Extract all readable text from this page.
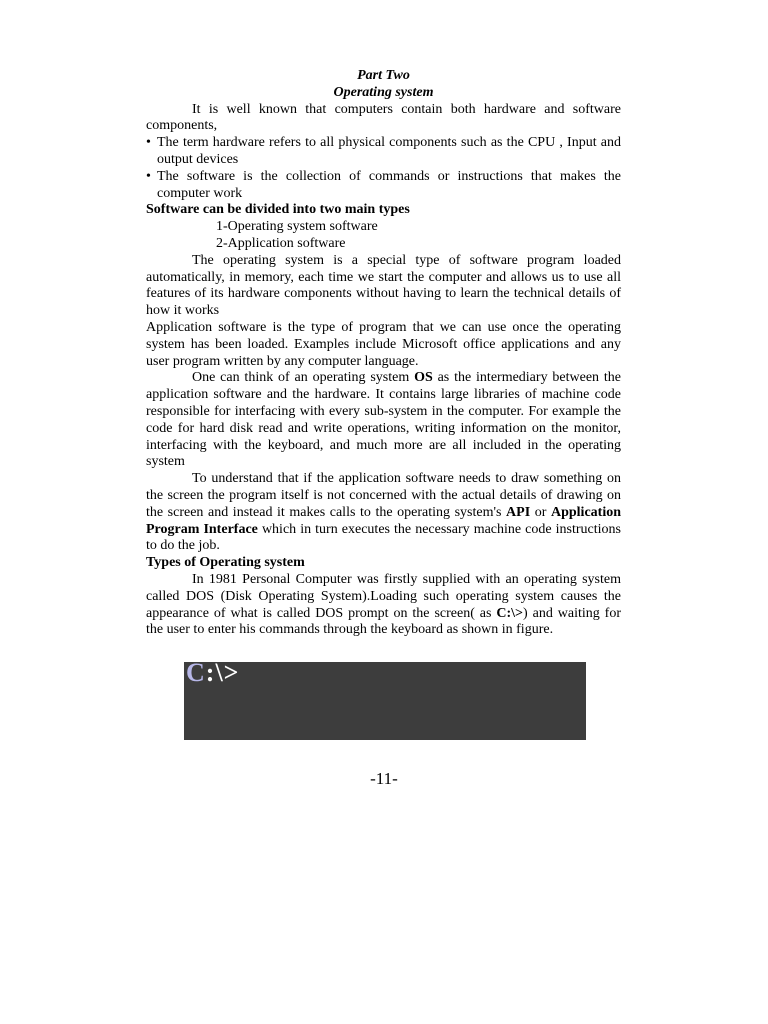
Part Two

Operating system

It is well known that computers contain both hardware and software components,

• The term hardware refers to all physical components such as the CPU , Input and output devices
• The software is the collection of commands or instructions that makes the computer work

Software can be divided into two main types

1-Operating system software
2-Application software

The operating system is a special type of software program loaded automatically, in memory, each time we start the computer and allows us to use all features of its hardware components without having to learn the technical details of how it works

Application software is the type of program that we can use once the operating system has been loaded. Examples include Microsoft office applications and any user program written by any computer language.

One can think of an operating system OS as the intermediary between the application software and the hardware. It contains large libraries of machine code responsible for interfacing with every sub-system in the computer. For example the code for hard disk read and write operations, writing information on the monitor, interfacing with the keyboard, and much more are all included in the operating system

To understand that if the application software needs to draw something on the screen the program itself is not concerned with the actual details of drawing on the screen and instead it makes calls to the operating system's API or Application Program Interface which in turn executes the necessary machine code instructions to do the job.

Types of Operating system

In 1981 Personal Computer was firstly supplied with an operating system called DOS (Disk Operating System).Loading such operating system causes the appearance of what is called DOS prompt on the screen( as C:\>) and waiting for the user to enter his commands through the keyboard as shown in figure.

C:\>
-11-
